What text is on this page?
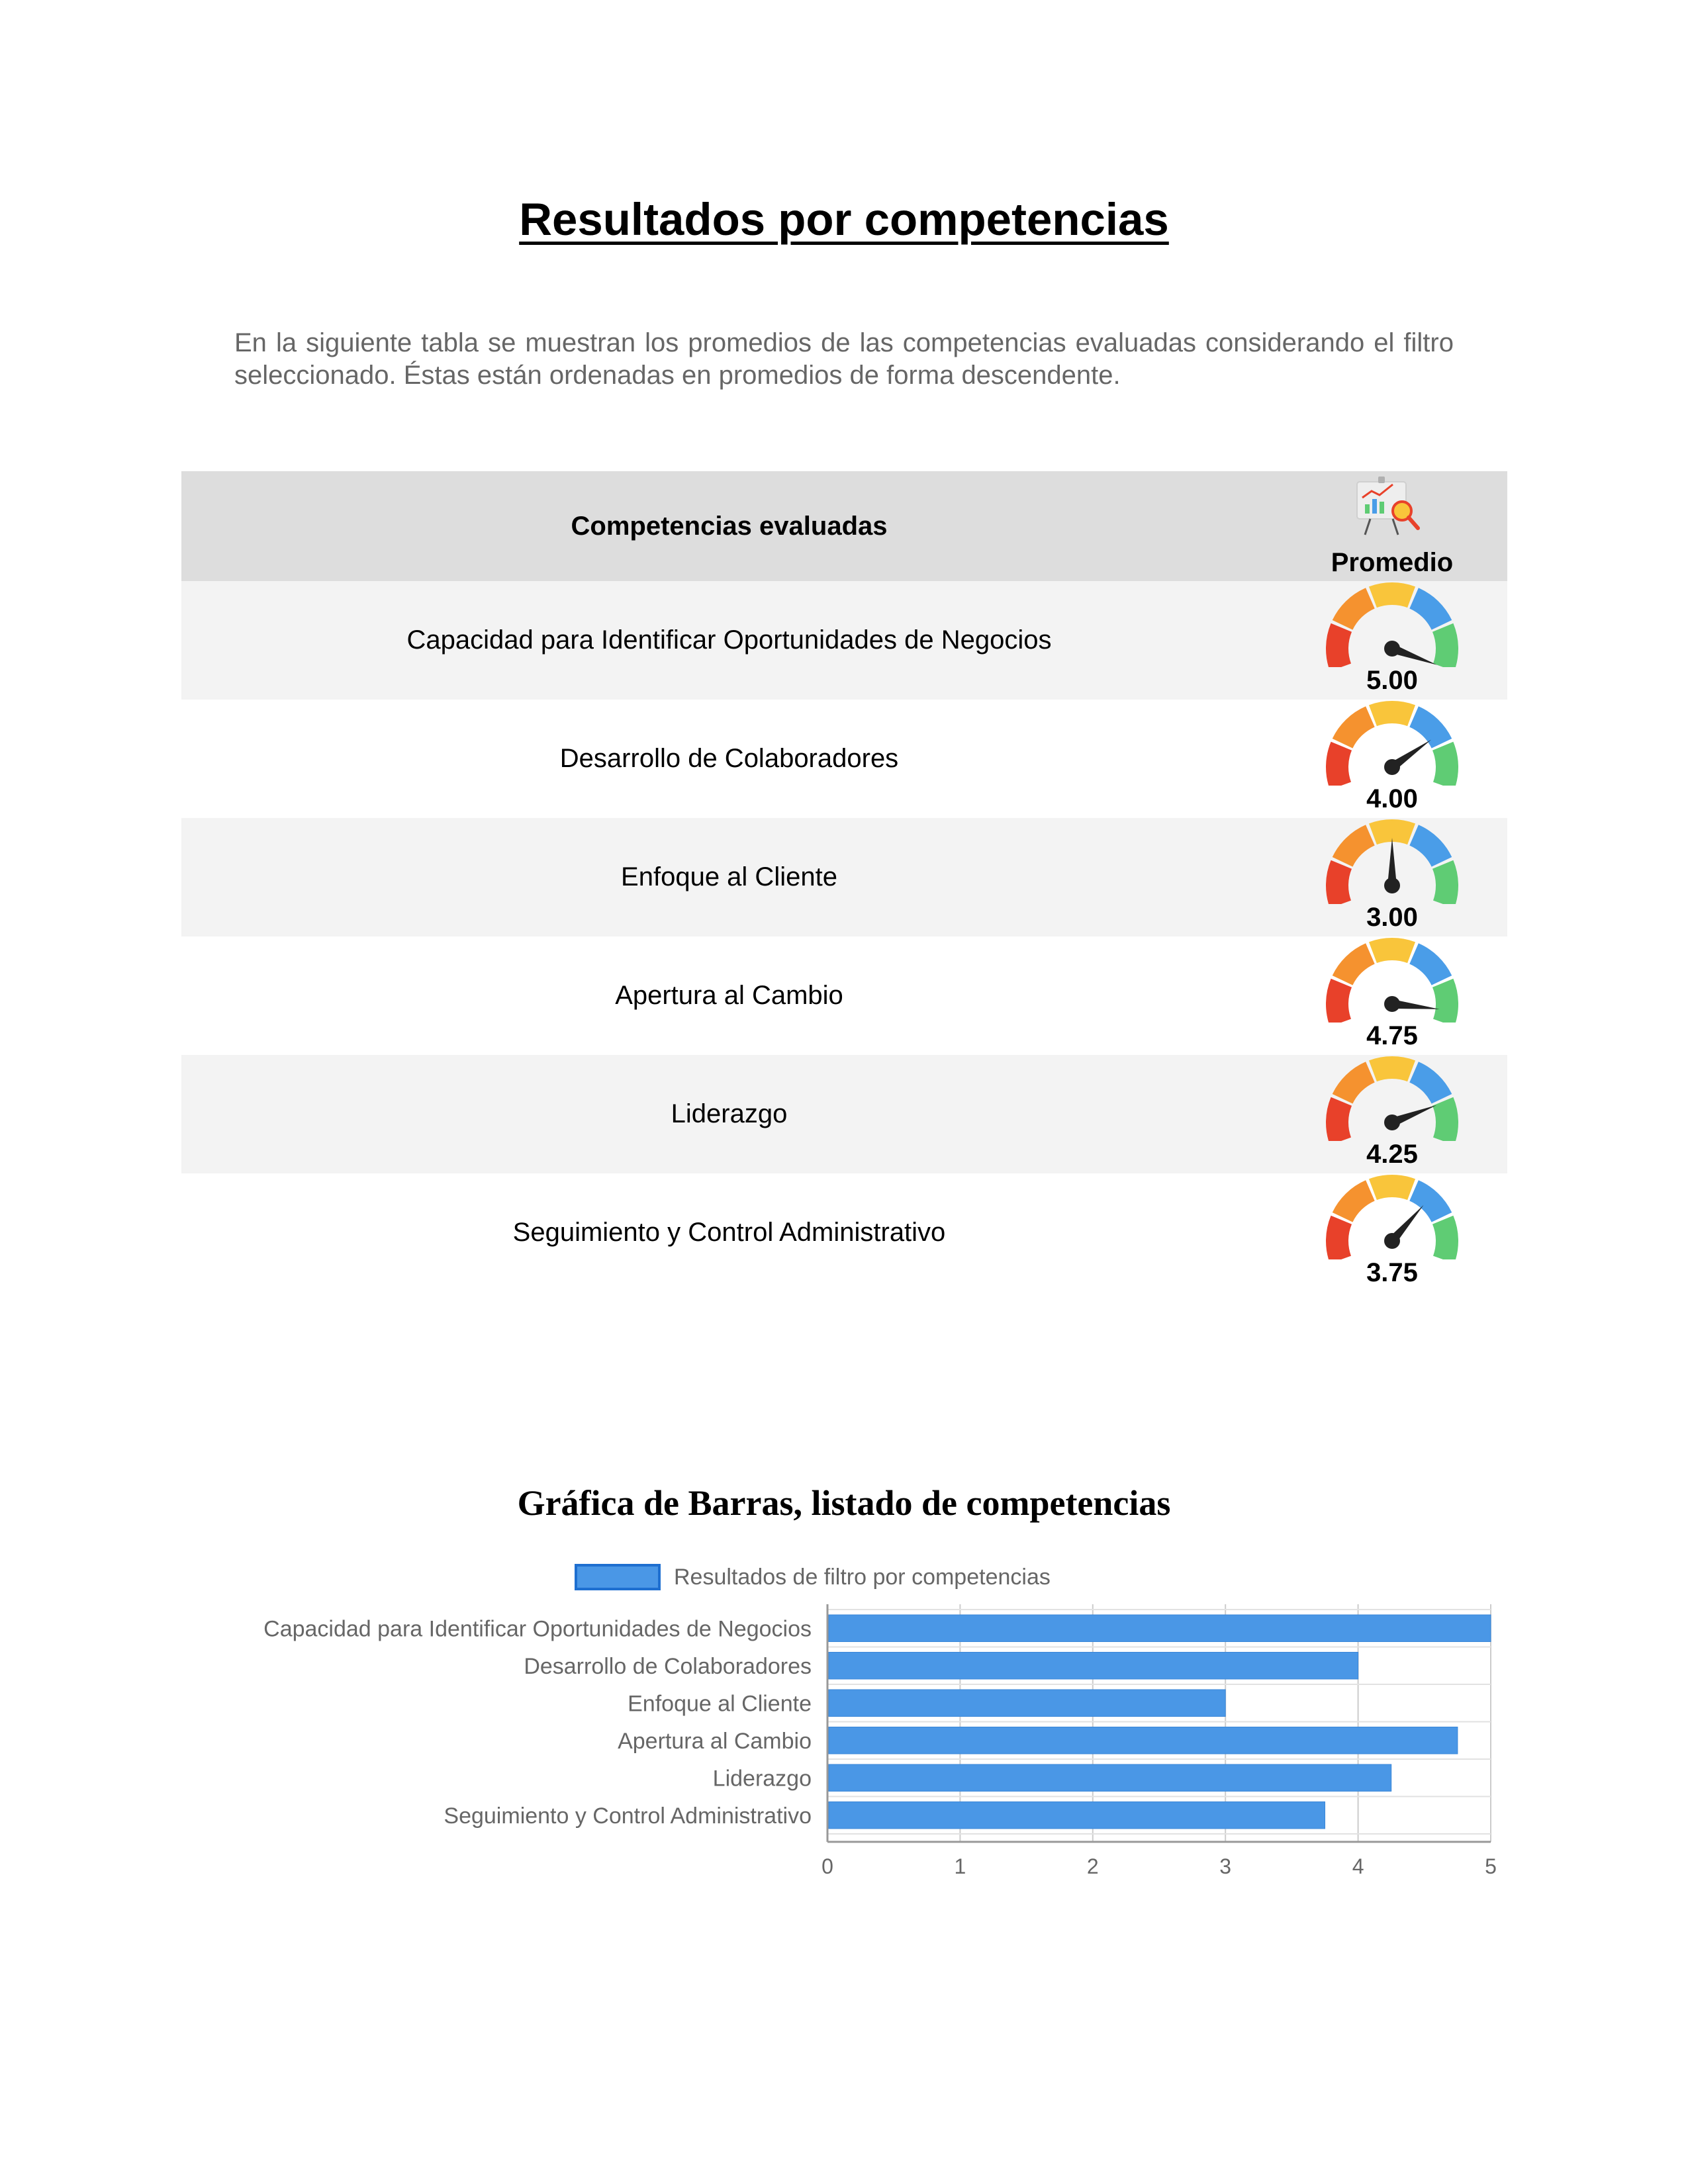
Resultados por competencias

En la siguiente tabla se muestran los promedios de las competencias evaluadas considerando el filtro seleccionado. Éstas están ordenadas en promedios de forma descendente.

Competencias evaluadas
Promedio
Capacidad para Identificar Oportunidades de Negocios
5.00
Desarrollo de Colaboradores
4.00
Enfoque al Cliente
3.00
Apertura al Cambio
4.75
Liderazgo
4.25
Seguimiento y Control Administrativo
3.75
Gráfica de Barras, listado de competencias
Resultados de filtro por competencias
0	1	2	3	4	5
Capacidad para Identificar Oportunidades de Negocios
Desarrollo de Colaboradores
Enfoque al Cliente
Apertura al Cambio
Liderazgo
Seguimiento y Control Administrativo
